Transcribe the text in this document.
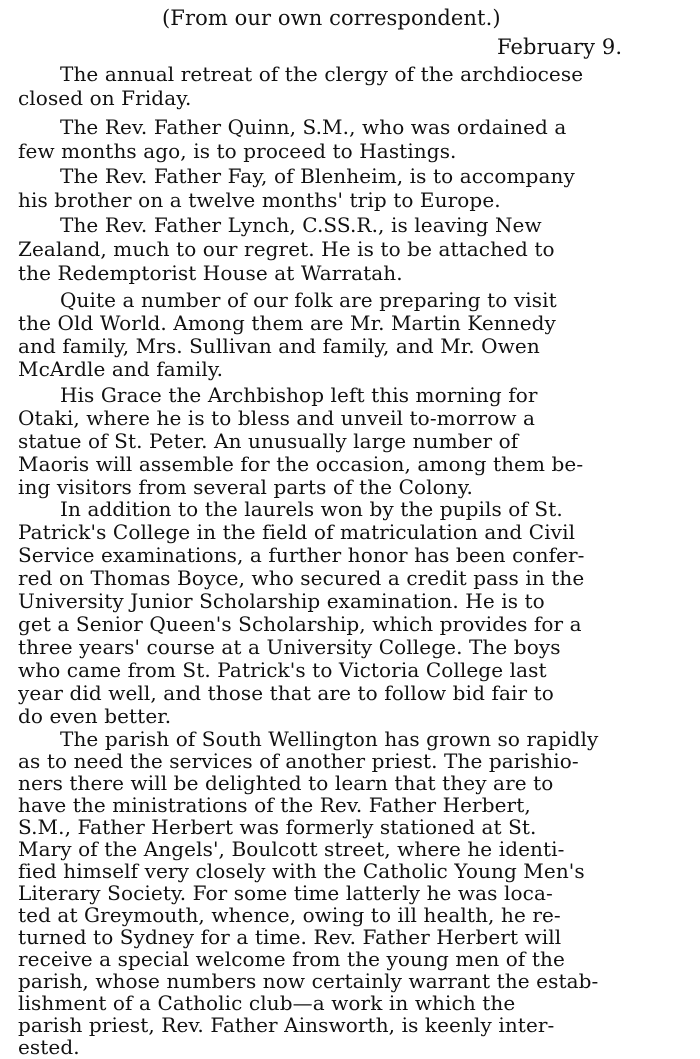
(From our own correspondent.)
February 9.
The annual retreat of the clergy of the archdiocese
closed on Friday.
The Rev. Father Quinn, S.M., who was ordained a
few months ago, is to proceed to Hastings.
The Rev. Father Fay, of Blenheim, is to accompany
his brother on a twelve months' trip to Europe.
The Rev. Father Lynch, C.SS.R., is leaving New
Zealand, much to our regret. He is to be attached to
the Redemptorist House at Warratah.
Quite a number of our folk are preparing to visit
the Old World. Among them are Mr. Martin Kennedy
and family, Mrs. Sullivan and family, and Mr. Owen
McArdle and family.
His Grace the Archbishop left this morning for
Otaki, where he is to bless and unveil to-morrow a
statue of St. Peter. An unusually large number of
Maoris will assemble for the occasion, among them be-
ing visitors from several parts of the Colony.
In addition to the laurels won by the pupils of St.
Patrick's College in the field of matriculation and Civil
Service examinations, a further honor has been confer-
red on Thomas Boyce, who secured a credit pass in the
University Junior Scholarship examination. He is to
get a Senior Queen's Scholarship, which provides for a
three years' course at a University College. The boys
who came from St. Patrick's to Victoria College last
year did well, and those that are to follow bid fair to
do even better.
The parish of South Wellington has grown so rapidly
as to need the services of another priest. The parishio-
ners there will be delighted to learn that they are to
have the ministrations of the Rev. Father Herbert,
S.M., Father Herbert was formerly stationed at St.
Mary of the Angels', Boulcott street, where he identi-
fied himself very closely with the Catholic Young Men's
Literary Society. For some time latterly he was loca-
ted at Greymouth, whence, owing to ill health, he re-
turned to Sydney for a time. Rev. Father Herbert will
receive a special welcome from the young men of the
parish, whose numbers now certainly warrant the estab-
lishment of a Catholic club—a work in which the
parish priest, Rev. Father Ainsworth, is keenly inter-
ested.
